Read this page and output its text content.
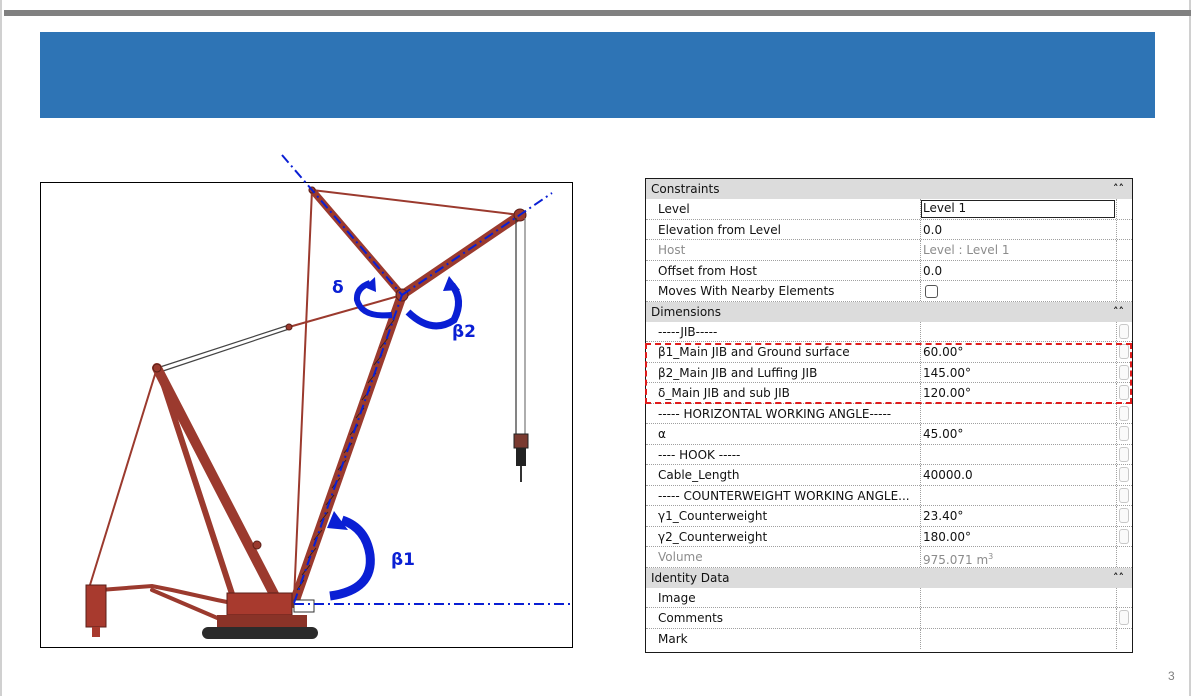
δ
β2
β1
Constraints	˄˄
Level	Level 1
Elevation from Level	0.0
Host	Level : Level 1
Offset from Host	0.0
Moves With Nearby Elements
Dimensions	˄˄
-----JIB-----
β1_Main JIB and Ground surface	60.00°
β2_Main JIB and Luffing JIB	145.00°
δ_Main JIB and sub JIB	120.00°
----- HORIZONTAL WORKING ANGLE-----
α	45.00°
---- HOOK -----
Cable_Length	40000.0
----- COUNTERWEIGHT WORKING ANGLE...
γ1_Counterweight	23.40°
γ2_Counterweight	180.00°
Volume	975.071 $m^3$
Identity Data	˄˄
Image
Comments
Mark
3
